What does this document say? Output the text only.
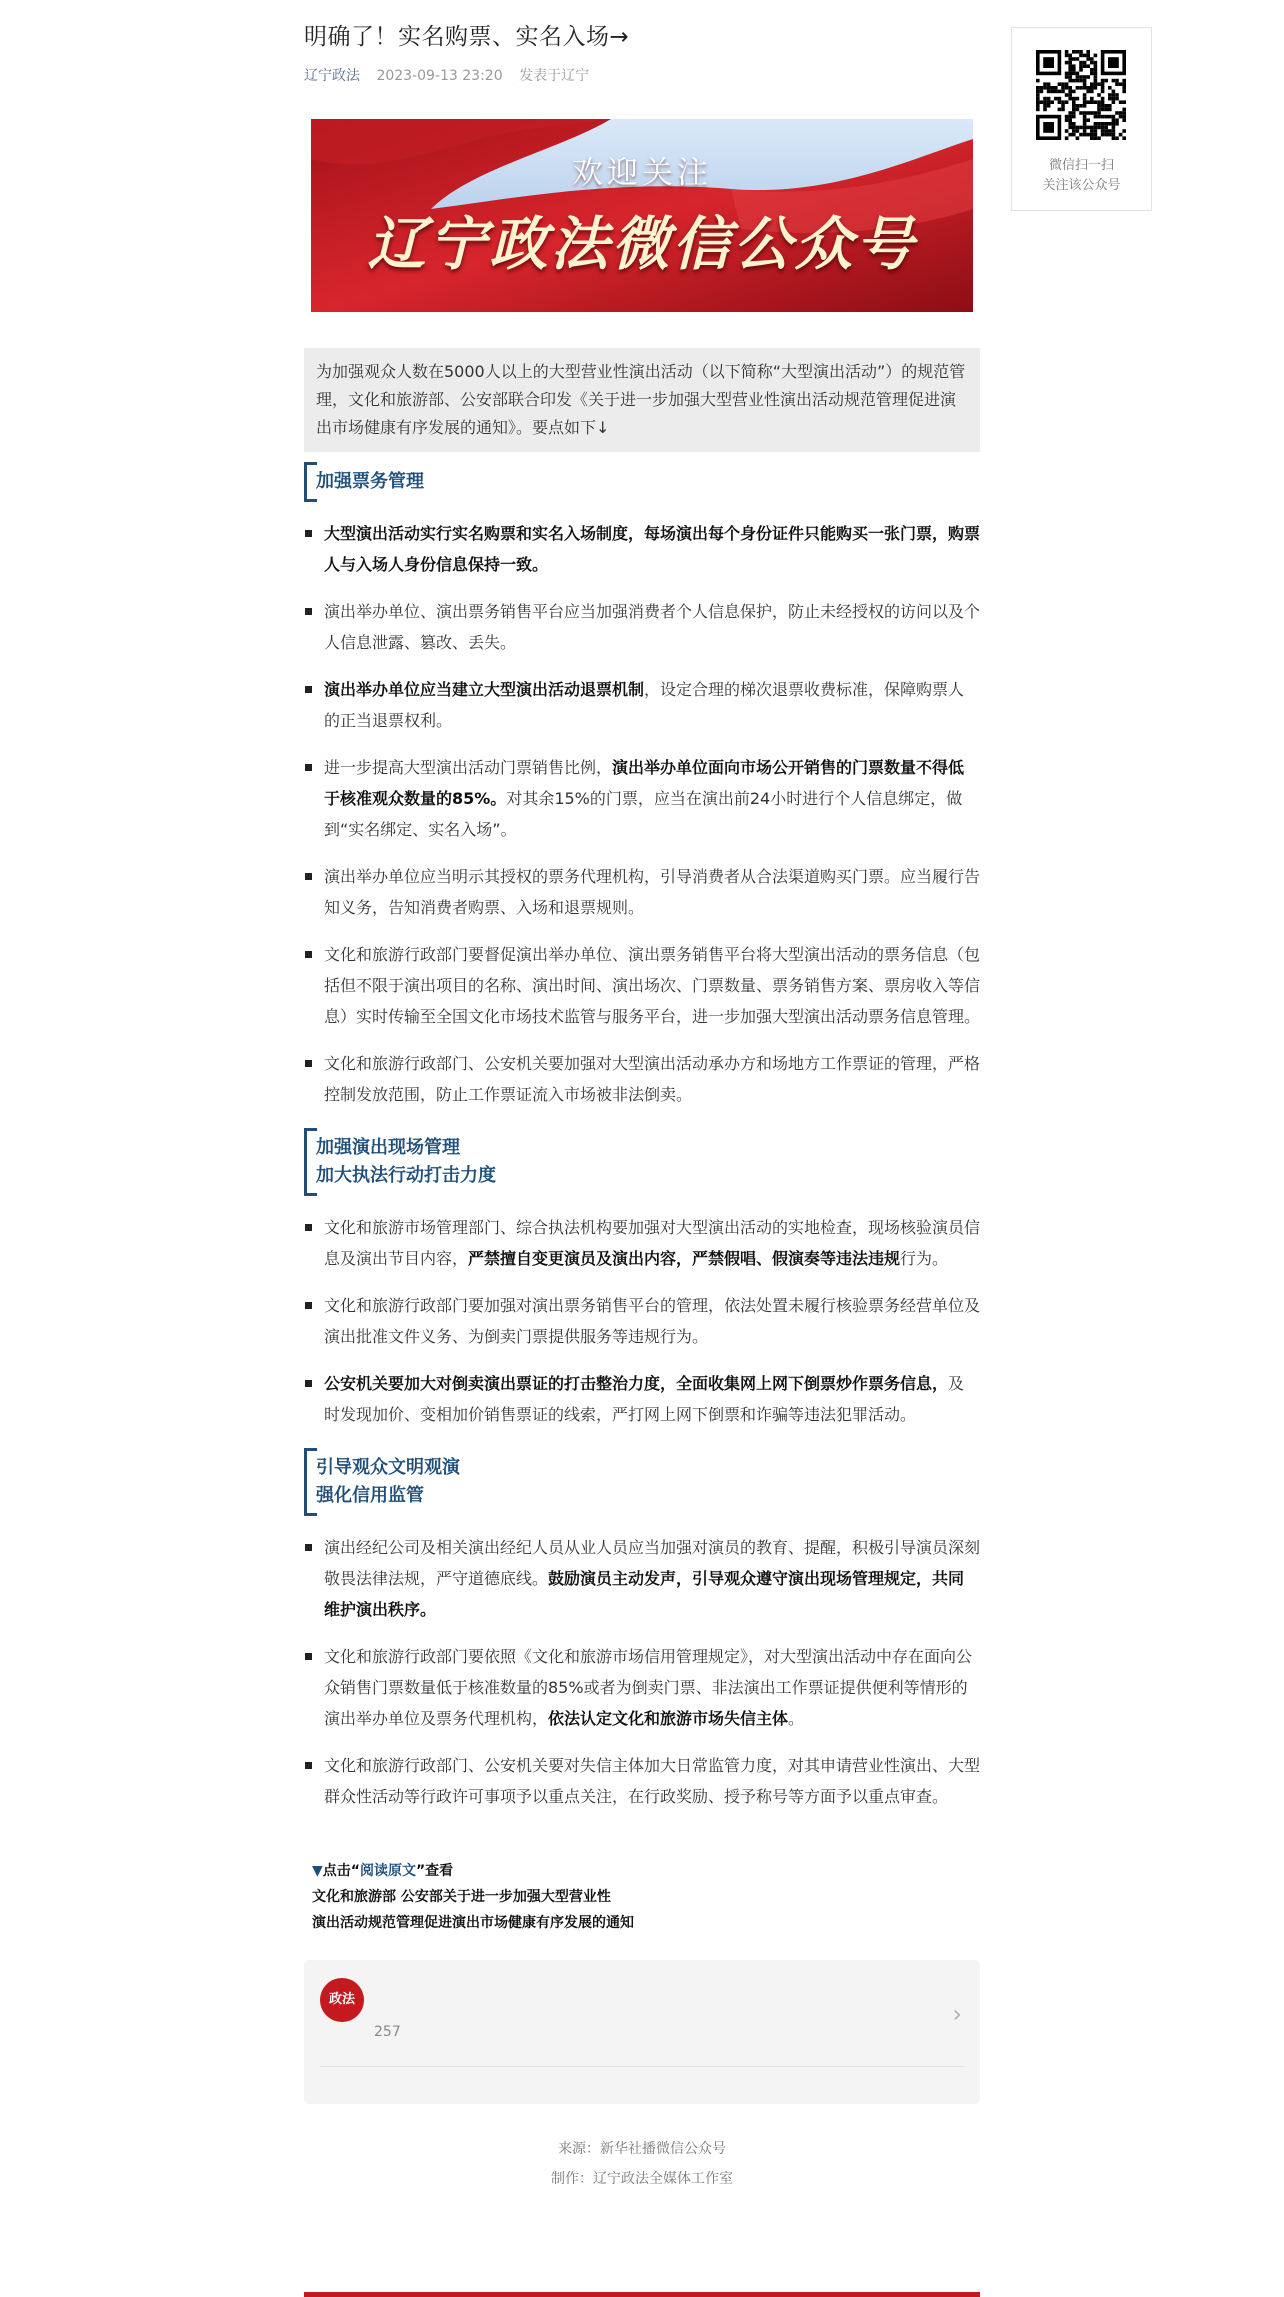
明确了！实名购票、实名入场→
辽宁政法 2023-09-13 23:20 发表于辽宁
欢迎关注
辽宁政法微信公众号
为加强观众人数在5000人以上的大型营业性演出活动（以下简称“大型演出活动”）的规范管理，文化和旅游部、公安部联合印发《关于进一步加强大型营业性演出活动规范管理促进演出市场健康有序发展的通知》。要点如下↓
加强票务管理
大型演出活动实行实名购票和实名入场制度，每场演出每个身份证件只能购买一张门票，购票人与入场人身份信息保持一致。
演出举办单位、演出票务销售平台应当加强消费者个人信息保护，防止未经授权的访问以及个人信息泄露、篡改、丢失。
演出举办单位应当建立大型演出活动退票机制，设定合理的梯次退票收费标准，保障购票人的正当退票权利。
进一步提高大型演出活动门票销售比例，演出举办单位面向市场公开销售的门票数量不得低于核准观众数量的85%。对其余15%的门票，应当在演出前24小时进行个人信息绑定，做到“实名绑定、实名入场”。
演出举办单位应当明示其授权的票务代理机构，引导消费者从合法渠道购买门票。应当履行告知义务，告知消费者购票、入场和退票规则。
文化和旅游行政部门要督促演出举办单位、演出票务销售平台将大型演出活动的票务信息（包括但不限于演出项目的名称、演出时间、演出场次、门票数量、票务销售方案、票房收入等信息）实时传输至全国文化市场技术监管与服务平台，进一步加强大型演出活动票务信息管理。
文化和旅游行政部门、公安机关要加强对大型演出活动承办方和场地方工作票证的管理，严格控制发放范围，防止工作票证流入市场被非法倒卖。
加强演出现场管理
加大执法行动打击力度
文化和旅游市场管理部门、综合执法机构要加强对大型演出活动的实地检查，现场核验演员信息及演出节目内容，严禁擅自变更演员及演出内容，严禁假唱、假演奏等违法违规行为。
文化和旅游行政部门要加强对演出票务销售平台的管理，依法处置未履行核验票务经营单位及演出批准文件义务、为倒卖门票提供服务等违规行为。
公安机关要加大对倒卖演出票证的打击整治力度，全面收集网上网下倒票炒作票务信息，及时发现加价、变相加价销售票证的线索，严打网上网下倒票和诈骗等违法犯罪活动。
引导观众文明观演
强化信用监管
演出经纪公司及相关演出经纪人员从业人员应当加强对演员的教育、提醒，积极引导演员深刻敬畏法律法规，严守道德底线。鼓励演员主动发声，引导观众遵守演出现场管理规定，共同维护演出秩序。
文化和旅游行政部门要依照《文化和旅游市场信用管理规定》，对大型演出活动中存在面向公众销售门票数量低于核准数量的85%或者为倒卖门票、非法演出工作票证提供便利等情形的演出举办单位及票务代理机构，依法认定文化和旅游市场失信主体。
文化和旅游行政部门、公安机关要对失信主体加大日常监管力度，对其申请营业性演出、大型群众性活动等行政许可事项予以重点关注，在行政奖励、授予称号等方面予以重点审查。
▼点击“阅读原文”查看
文化和旅游部 公安部关于进一步加强大型营业性
演出活动规范管理促进演出市场健康有序发展的通知
政法
257
›
来源：新华社播微信公众号
制作：辽宁政法全媒体工作室
微信扫一扫
关注该公众号
